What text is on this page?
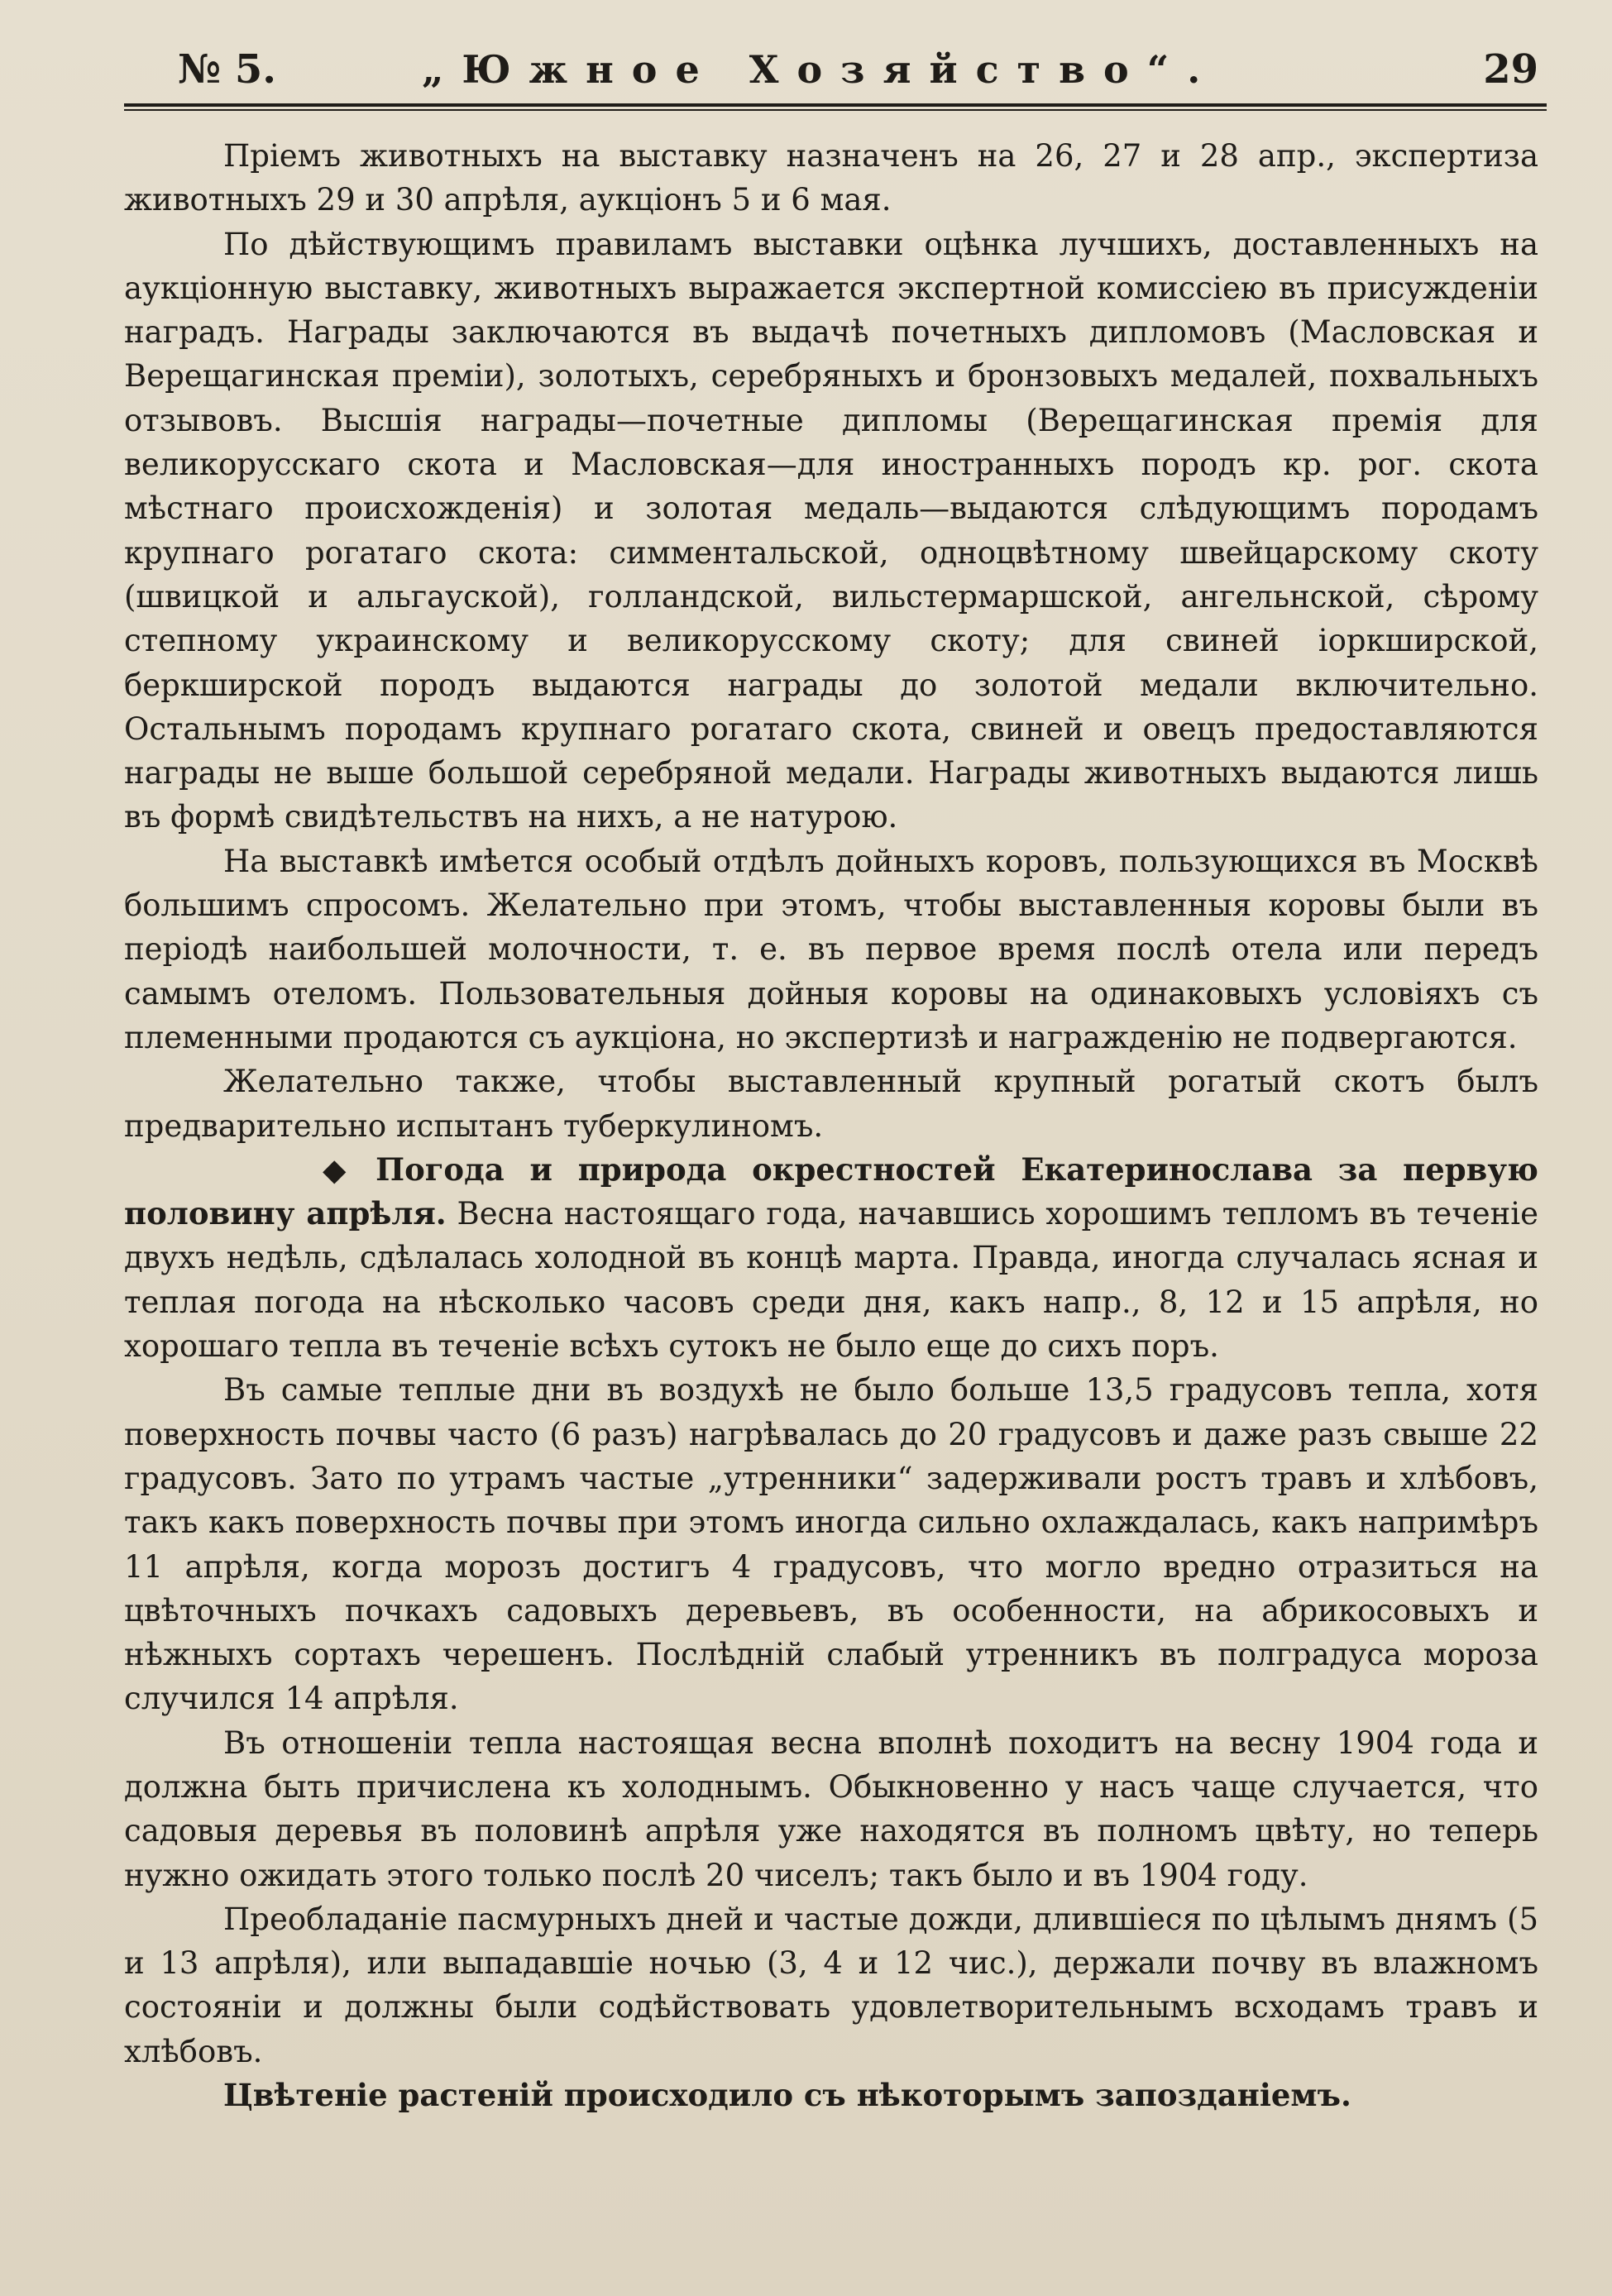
№ 5.	„Южное Хозяйство“.	29

Пріемъ животныхъ на выставку назначенъ на 26, 27 и 28 апр., экспертиза животныхъ 29 и 30 апрѣля, аукціонъ 5 и 6 мая.

По дѣйствующимъ правиламъ выставки оцѣнка лучшихъ, доставленныхъ на аукціонную выставку, животныхъ выражается экспертной комиссіею въ присужденіи наградъ. Награды заключаются въ выдачѣ почетныхъ дипломовъ (Масловская и Верещагинская преміи), золотыхъ, серебряныхъ и бронзовыхъ медалей, похвальныхъ отзывовъ. Высшія награды—почетные дипломы (Верещагинская премія для великорусскаго скота и Масловская—для иностранныхъ породъ кр. рог. скота мѣстнаго происхожденія) и золотая медаль—выдаются слѣдующимъ породамъ крупнаго рогатаго скота: симментальской, одноцвѣтному швейцарскому скоту (швицкой и альгауской), голландской, вильстермаршской, ангельнской, сѣрому степному украинскому и великорусскому скоту; для свиней іоркширской, беркширской породъ выдаются награды до золотой медали включительно. Остальнымъ породамъ крупнаго рогатаго скота, свиней и овецъ предоставляются награды не выше большой серебряной медали. Награды животныхъ выдаются лишь въ формѣ свидѣтельствъ на нихъ, а не натурою.

На выставкѣ имѣется особый отдѣлъ дойныхъ коровъ, пользующихся въ Москвѣ большимъ спросомъ. Желательно при этомъ, чтобы выставленныя коровы были въ періодѣ наибольшей молочности, т. е. въ первое время послѣ отела или передъ самымъ отеломъ. Пользовательныя дойныя коровы на одинаковыхъ условіяхъ съ племенными продаются съ аукціона, но экспертизѣ и награжденію не подвергаются.

Желательно также, чтобы выставленный крупный рогатый скотъ былъ предварительно испытанъ туберкулиномъ.

◆ Погода и природа окрестностей Екатеринослава за первую половину апрѣля. Весна настоящаго года, начавшись хорошимъ тепломъ въ теченіе двухъ недѣль, сдѣлалась холодной въ концѣ марта. Правда, иногда случалась ясная и теплая погода на нѣсколько часовъ среди дня, какъ напр., 8, 12 и 15 апрѣля, но хорошаго тепла въ теченіе всѣхъ сутокъ не было еще до сихъ поръ.

Въ самые теплые дни въ воздухѣ не было больше 13,5 градусовъ тепла, хотя поверхность почвы часто (6 разъ) нагрѣвалась до 20 градусовъ и даже разъ свыше 22 градусовъ. Зато по утрамъ частые „утренники“ задерживали ростъ травъ и хлѣбовъ, такъ какъ поверхность почвы при этомъ иногда сильно охлаждалась, какъ напримѣръ 11 апрѣля, когда морозъ достигъ 4 градусовъ, что могло вредно отразиться на цвѣточныхъ почкахъ садовыхъ деревьевъ, въ особенности, на абрикосовыхъ и нѣжныхъ сортахъ черешенъ. Послѣдній слабый утренникъ въ полградуса мороза случился 14 апрѣля.

Въ отношеніи тепла настоящая весна вполнѣ походитъ на весну 1904 года и должна быть причислена къ холоднымъ. Обыкновенно у насъ чаще случается, что садовыя деревья въ половинѣ апрѣля уже находятся въ полномъ цвѣту, но теперь нужно ожидать этого только послѣ 20 чиселъ; такъ было и въ 1904 году.

Преобладаніе пасмурныхъ дней и частые дожди, длившіеся по цѣлымъ днямъ (5 и 13 апрѣля), или выпадавшіе ночью (3, 4 и 12 чис.), держали почву въ влажномъ состояніи и должны были содѣйствовать удовлетворительнымъ всходамъ травъ и хлѣбовъ.

Цвѣтеніе растеній происходило съ нѣкоторымъ запозданіемъ.
